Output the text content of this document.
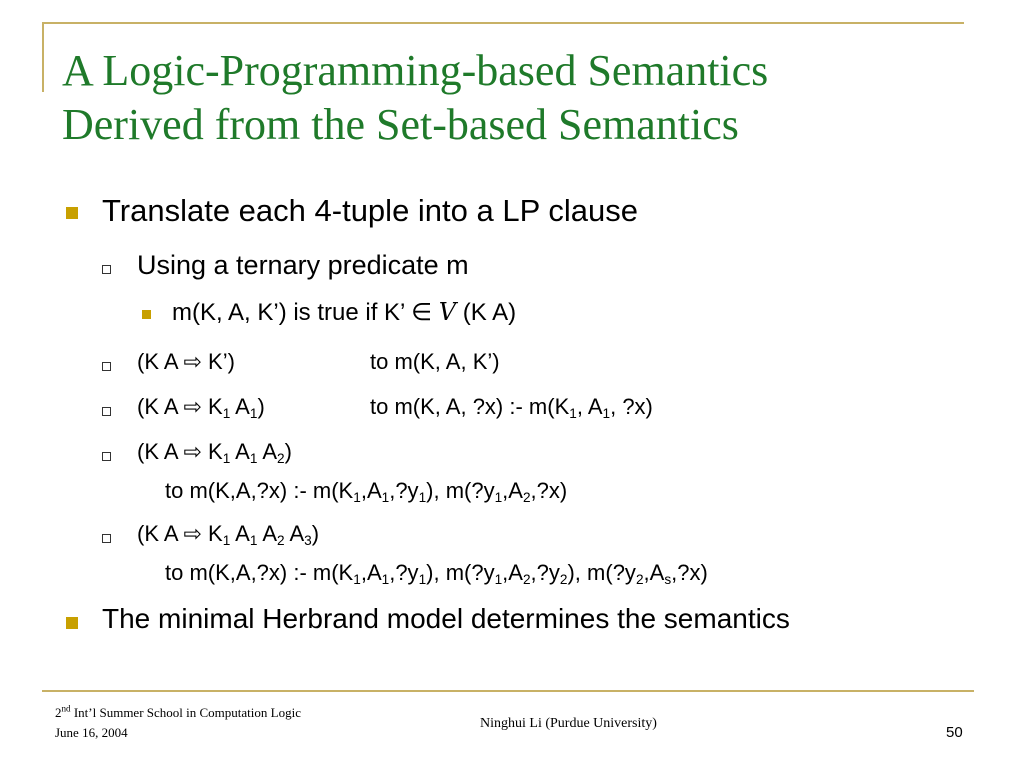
A Logic-Programming-based Semantics
Derived from the Set-based Semantics
Translate each 4-tuple into a LP clause
Using a ternary predicate m
m(K, A, K’) is true if K’ ∈ V (K A)
(K A ⇨ K’)	to m(K, A, K’)
(K A ⇨ $K_1$ $A_1$)	to m(K, A, ?x) :- $m(K_1$, $A_1$, ?x)
(K A ⇨ $K_1$ $A_1$ $A_2$)
to m(K,A,?x) :- $m(K_1,A_1,?y_1)$, $m(?y_1,A_2,?x)$
(K A ⇨ $K_1$ $A_1$ $A_2$ $A_3$)
to m(K,A,?x) :- $m(K_1,A_1,?y_1)$, $m(?y_1,A_2,?y_2)$, $m(?y_2,A_s,?x)$
The minimal Herbrand model determines the semantics
2nd Int’l Summer School in Computation Logic
June 16, 2004
Ninghui Li (Purdue University)
50
